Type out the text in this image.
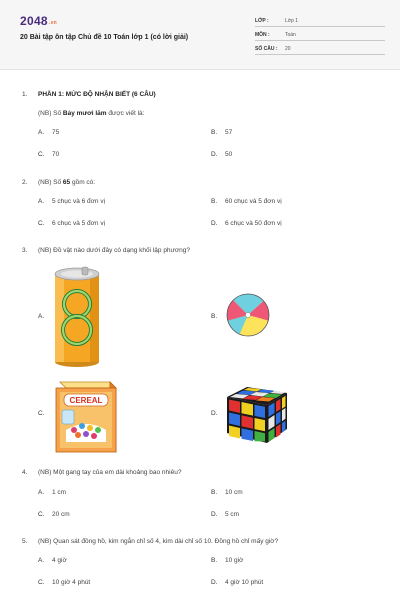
2048.vn
20 Bài tập ôn tập Chủ đề 10 Toán lớp 1 (có lời giải)
LỚP :	Lớp 1
MÔN :	Toán
SỐ CÂU : 20
1. PHẦN 1: MỨC ĐỘ NHẬN BIẾT (6 CÂU)
(NB) Số Bảy mươi lăm được viết là:
A. 75	B. 57
C. 70	D. 50
2. (NB) Số 65 gồm có:
A. 5 chục và 6 đơn vị	B. 60 chục và 5 đơn vị
C. 6 chục và 5 đơn vị	D. 6 chục và 50 đơn vị
3. (NB) Đồ vật nào dưới đây có dạng khối lập phương?
A.	B.
C.
CEREAL
D.
4. (NB) Một gang tay của em dài khoảng bao nhiêu?
A. 1 cm	B. 10 cm
C. 20 cm	D. 5 cm
5. (NB) Quan sát đồng hồ, kim ngắn chỉ số 4, kim dài chỉ số 10. Đồng hồ chỉ mấy giờ?
A. 4 giờ	B. 10 giờ
C. 10 giờ 4 phút	D. 4 giờ 10 phút
